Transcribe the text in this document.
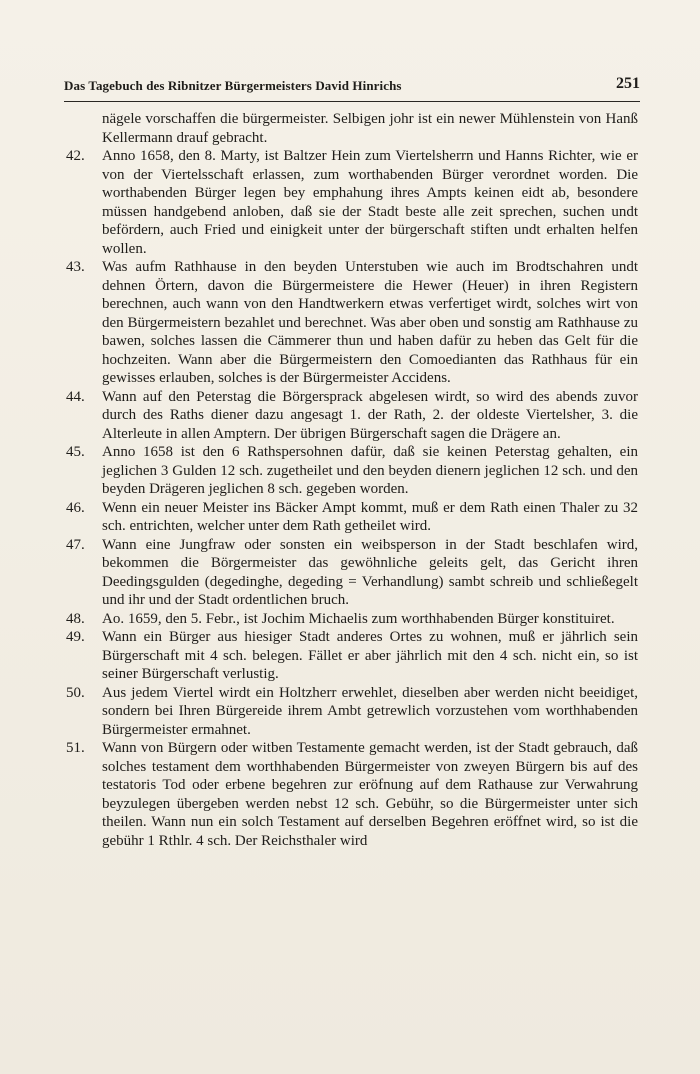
Das Tagebuch des Ribnitzer Bürgermeisters David Hinrichs	251
nägele vorschaffen die bürgermeister. Selbigen johr ist ein newer Mühlenstein von Hanß Kellermann drauf gebracht.
42.	Anno 1658, den 8. Marty, ist Baltzer Hein zum Viertelsherrn und Hanns Richter, wie er von der Viertelsschaft erlassen, zum worthabenden Bürger verordnet worden. Die worthabenden Bürger legen bey emphahung ihres Ampts keinen eidt ab, besondere müssen handgebend anloben, daß sie der Stadt beste alle zeit sprechen, suchen undt befördern, auch Fried und einigkeit unter der bürgerschaft stiften undt erhalten helfen wollen.
43.	Was aufm Rathhause in den beyden Unterstuben wie auch im Brodtschahren undt dehnen Örtern, davon die Bürgermeistere die Hewer (Heuer) in ihren Registern berechnen, auch wann von den Handtwerkern etwas verfertiget wirdt, solches wirt von den Bürgermeistern bezahlet und berechnet. Was aber oben und sonstig am Rathhause zu bawen, solches lassen die Cämmerer thun und haben dafür zu heben das Gelt für die hochzeiten. Wann aber die Bürgermeistern den Comoedianten das Rathhaus für ein gewisses erlauben, solches is der Bürgermeister Accidens.
44.	Wann auf den Peterstag die Börgersprack abgelesen wirdt, so wird des abends zuvor durch des Raths diener dazu angesagt 1. der Rath, 2. der oldeste Viertelsher, 3. die Alterleute in allen Amptern. Der übrigen Bürgerschaft sagen die Drägere an.
45.	Anno 1658 ist den 6 Rathspersohnen dafür, daß sie keinen Peterstag gehalten, ein jeglichen 3 Gulden 12 sch. zugetheilet und den beyden dienern jeglichen 12 sch. und den beyden Drägeren jeglichen 8 sch. gegeben worden.
46.	Wenn ein neuer Meister ins Bäcker Ampt kommt, muß er dem Rath einen Thaler zu 32 sch. entrichten, welcher unter dem Rath getheilet wird.
47.	Wann eine Jungfraw oder sonsten ein weibsperson in der Stadt beschlafen wird, bekommen die Börgermeister das gewöhnliche geleits gelt, das Gericht ihren Deedingsgulden (degedinghe, degeding = Verhandlung) sambt schreib und schließegelt und ihr und der Stadt ordentlichen bruch.
48.	Ao. 1659, den 5. Febr., ist Jochim Michaelis zum worthhabenden Bürger konstituiret.
49.	Wann ein Bürger aus hiesiger Stadt anderes Ortes zu wohnen, muß er jährlich sein Bürgerschaft mit 4 sch. belegen. Fället er aber jährlich mit den 4 sch. nicht ein, so ist seiner Bürgerschaft verlustig.
50.	Aus jedem Viertel wirdt ein Holtzherr erwehlet, dieselben aber werden nicht beeidiget, sondern bei Ihren Bürgereide ihrem Ambt getrewlich vorzustehen vom worthhabenden Bürgermeister ermahnet.
51.	Wann von Bürgern oder witben Testamente gemacht werden, ist der Stadt gebrauch, daß solches testament dem worthhabenden Bürgermeister von zweyen Bürgern bis auf des testatoris Tod oder erbene begehren zur eröfnung auf dem Rathause zur Verwahrung beyzulegen übergeben werden nebst 12 sch. Gebühr, so die Bürgermeister unter sich theilen. Wann nun ein solch Testament auf derselben Begehren eröffnet wird, so ist die gebühr 1 Rthlr. 4 sch. Der Reichsthaler wird
